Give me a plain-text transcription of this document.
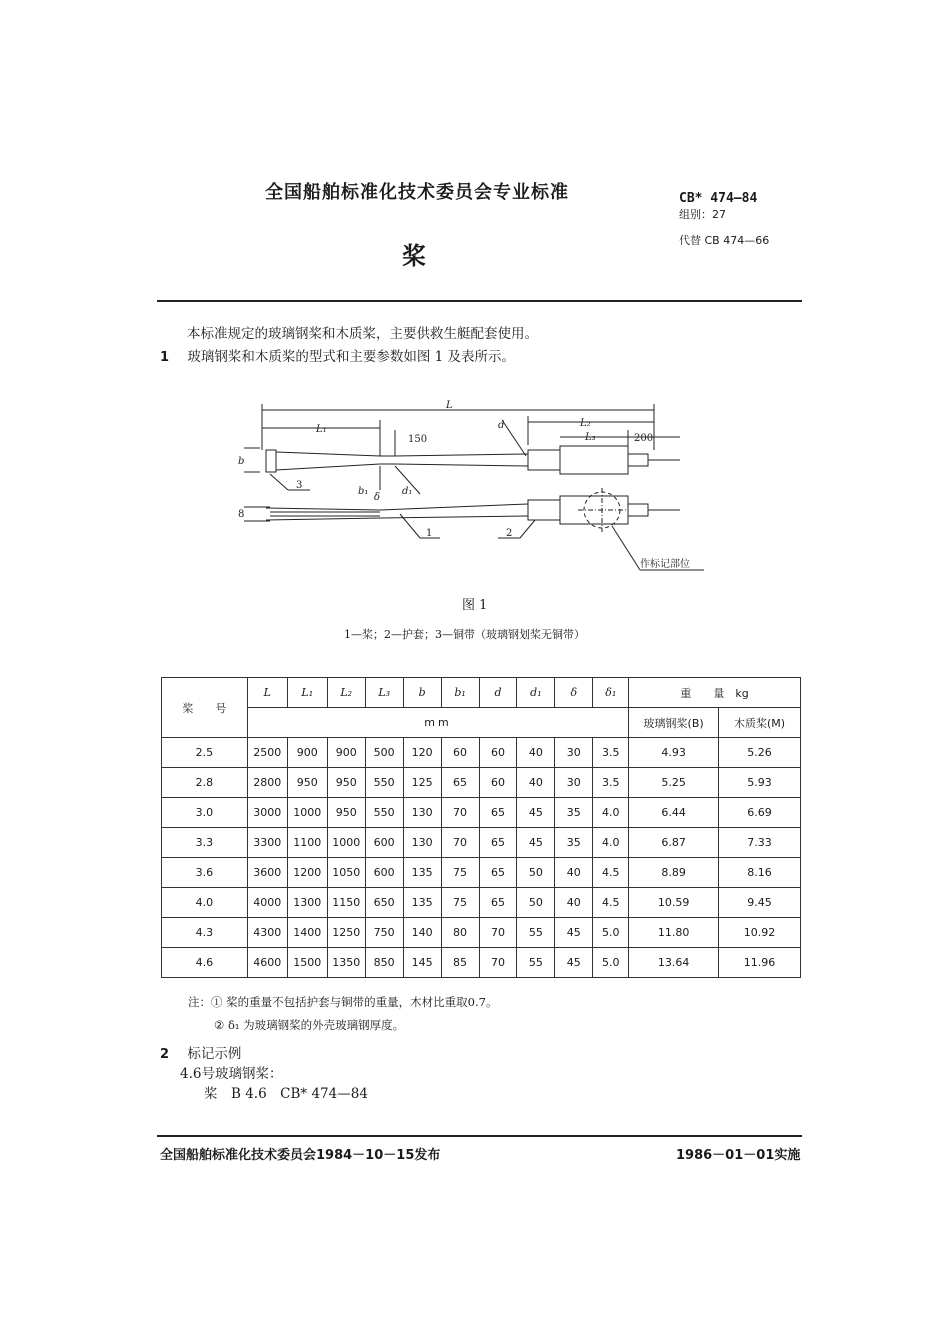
全国船舶标准化技术委员会专业标准	CB* 474—84
组别：27
代替 CB 474—66
桨
本标准规定的玻璃钢桨和木质桨，主要供救生艇配套使用。
1 玻璃钢桨和木质桨的型式和主要参数如图 1 及表所示。
L
L₁
L₂
L₃
150	200
d
b
8
b₁
δ
d₁
3
1	2
作标记部位
图 1
1—桨；2—护套；3—铜带（玻璃钢划桨无铜带）
桨　　号	L	L₁	L₂	L₃	b	b₁	d	d₁	δ	δ₁	重　　量　kg	
	mm										玻璃钢桨(B)	木质桨(M)
2.5	2500	900	900	500	120	60	60	40	30	3.5	4.93	5.26
2.8	2800	950	950	550	125	65	60	40	30	3.5	5.25	5.93
3.0	3000	1000	950	550	130	70	65	45	35	4.0	6.44	6.69
3.3	3300	1100	1000	600	130	70	65	45	35	4.0	6.87	7.33
3.6	3600	1200	1050	600	135	75	65	50	40	4.5	8.89	8.16
4.0	4000	1300	1150	650	135	75	65	50	40	4.5	10.59	9.45
4.3	4300	1400	1250	750	140	80	70	55	45	5.0	11.80	10.92
4.6	4600	1500	1350	850	145	85	70	55	45	5.0	13.64	11.96
注：① 桨的重量不包括护套与铜带的重量，木材比重取0.7。
② δ₁ 为玻璃钢桨的外壳玻璃钢厚度。
2 标记示例
4.6号玻璃钢桨：
桨　B 4.6　CB* 474—84
全国船舶标准化技术委员会1984－10－15发布	1986－01－01实施
